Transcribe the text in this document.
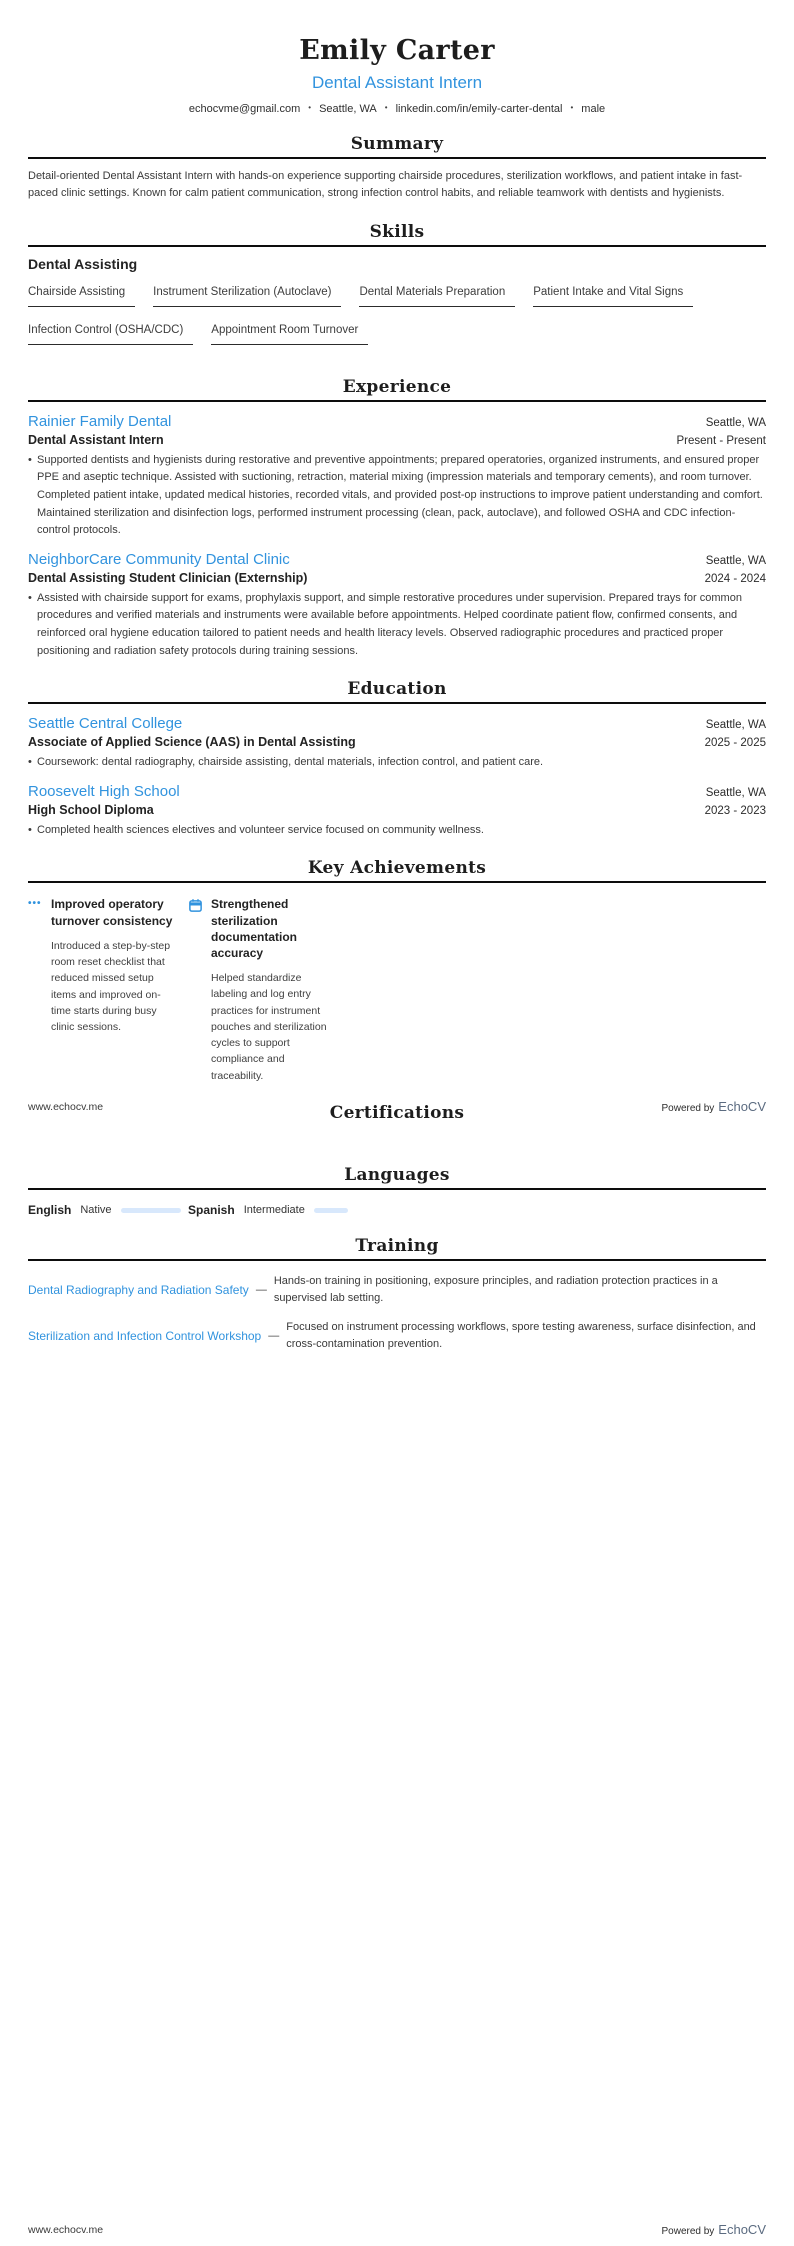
Emily Carter
Dental Assistant Intern
echocvme@gmail.com • Seattle, WA • linkedin.com/in/emily-carter-dental • male
Summary
Detail-oriented Dental Assistant Intern with hands-on experience supporting chairside procedures, sterilization workflows, and patient intake in fast-paced clinic settings. Known for calm patient communication, strong infection control habits, and reliable teamwork with dentists and hygienists.
Skills
Dental Assisting
Chairside Assisting Instrument Sterilization (Autoclave) Dental Materials Preparation Patient Intake and Vital SignsInfection Control (OSHA/CDC) Appointment Room Turnover
Experience
Rainier Family Dental	Seattle, WA
Dental Assistant Intern	Present - Present
• Supported dentists and hygienists during restorative and preventive appointments; prepared operatories, organized instruments, and ensured proper PPE and aseptic technique. Assisted with suctioning, retraction, material mixing (impression materials and temporary cements), and room turnover. Completed patient intake, updated medical histories, recorded vitals, and provided post-op instructions to improve patient understanding and comfort. Maintained sterilization and disinfection logs, performed instrument processing (clean, pack, autoclave), and followed OSHA and CDC infection-control protocols.
NeighborCare Community Dental Clinic	Seattle, WA
Dental Assisting Student Clinician (Externship)	2024 - 2024
• Assisted with chairside support for exams, prophylaxis support, and simple restorative procedures under supervision. Prepared trays for common procedures and verified materials and instruments were available before appointments. Helped coordinate patient flow, confirmed consents, and reinforced oral hygiene education tailored to patient needs and health literacy levels. Observed radiographic procedures and practiced proper positioning and radiation safety protocols during training sessions.
Education
Seattle Central College	Seattle, WA
Associate of Applied Science (AAS) in Dental Assisting	2025 - 2025
• Coursework: dental radiography, chairside assisting, dental materials, infection control, and patient care.
Roosevelt High School	Seattle, WA
High School Diploma	2023 - 2023
• Completed health sciences electives and volunteer service focused on community wellness.
Key Achievements
••• Improved operatory turnover consistency
Introduced a step-by-step room reset checklist that reduced missed setup items and improved on-time starts during busy clinic sessions.
Strengthened sterilization documentation accuracy
Helped standardize labeling and log entry practices for instrument pouches and sterilization cycles to support compliance and traceability.
Certifications
www.echocv.me	Powered by EchoCV
Languages
English Native	Spanish Intermediate
Training
Dental Radiography and Radiation Safety —
Hands-on training in positioning, exposure principles, and radiation protection practices in a supervised lab setting.
Sterilization and Infection Control Workshop —
Focused on instrument processing workflows, spore testing awareness, surface disinfection, and cross-contamination prevention.
www.echocv.me	Powered by EchoCV
